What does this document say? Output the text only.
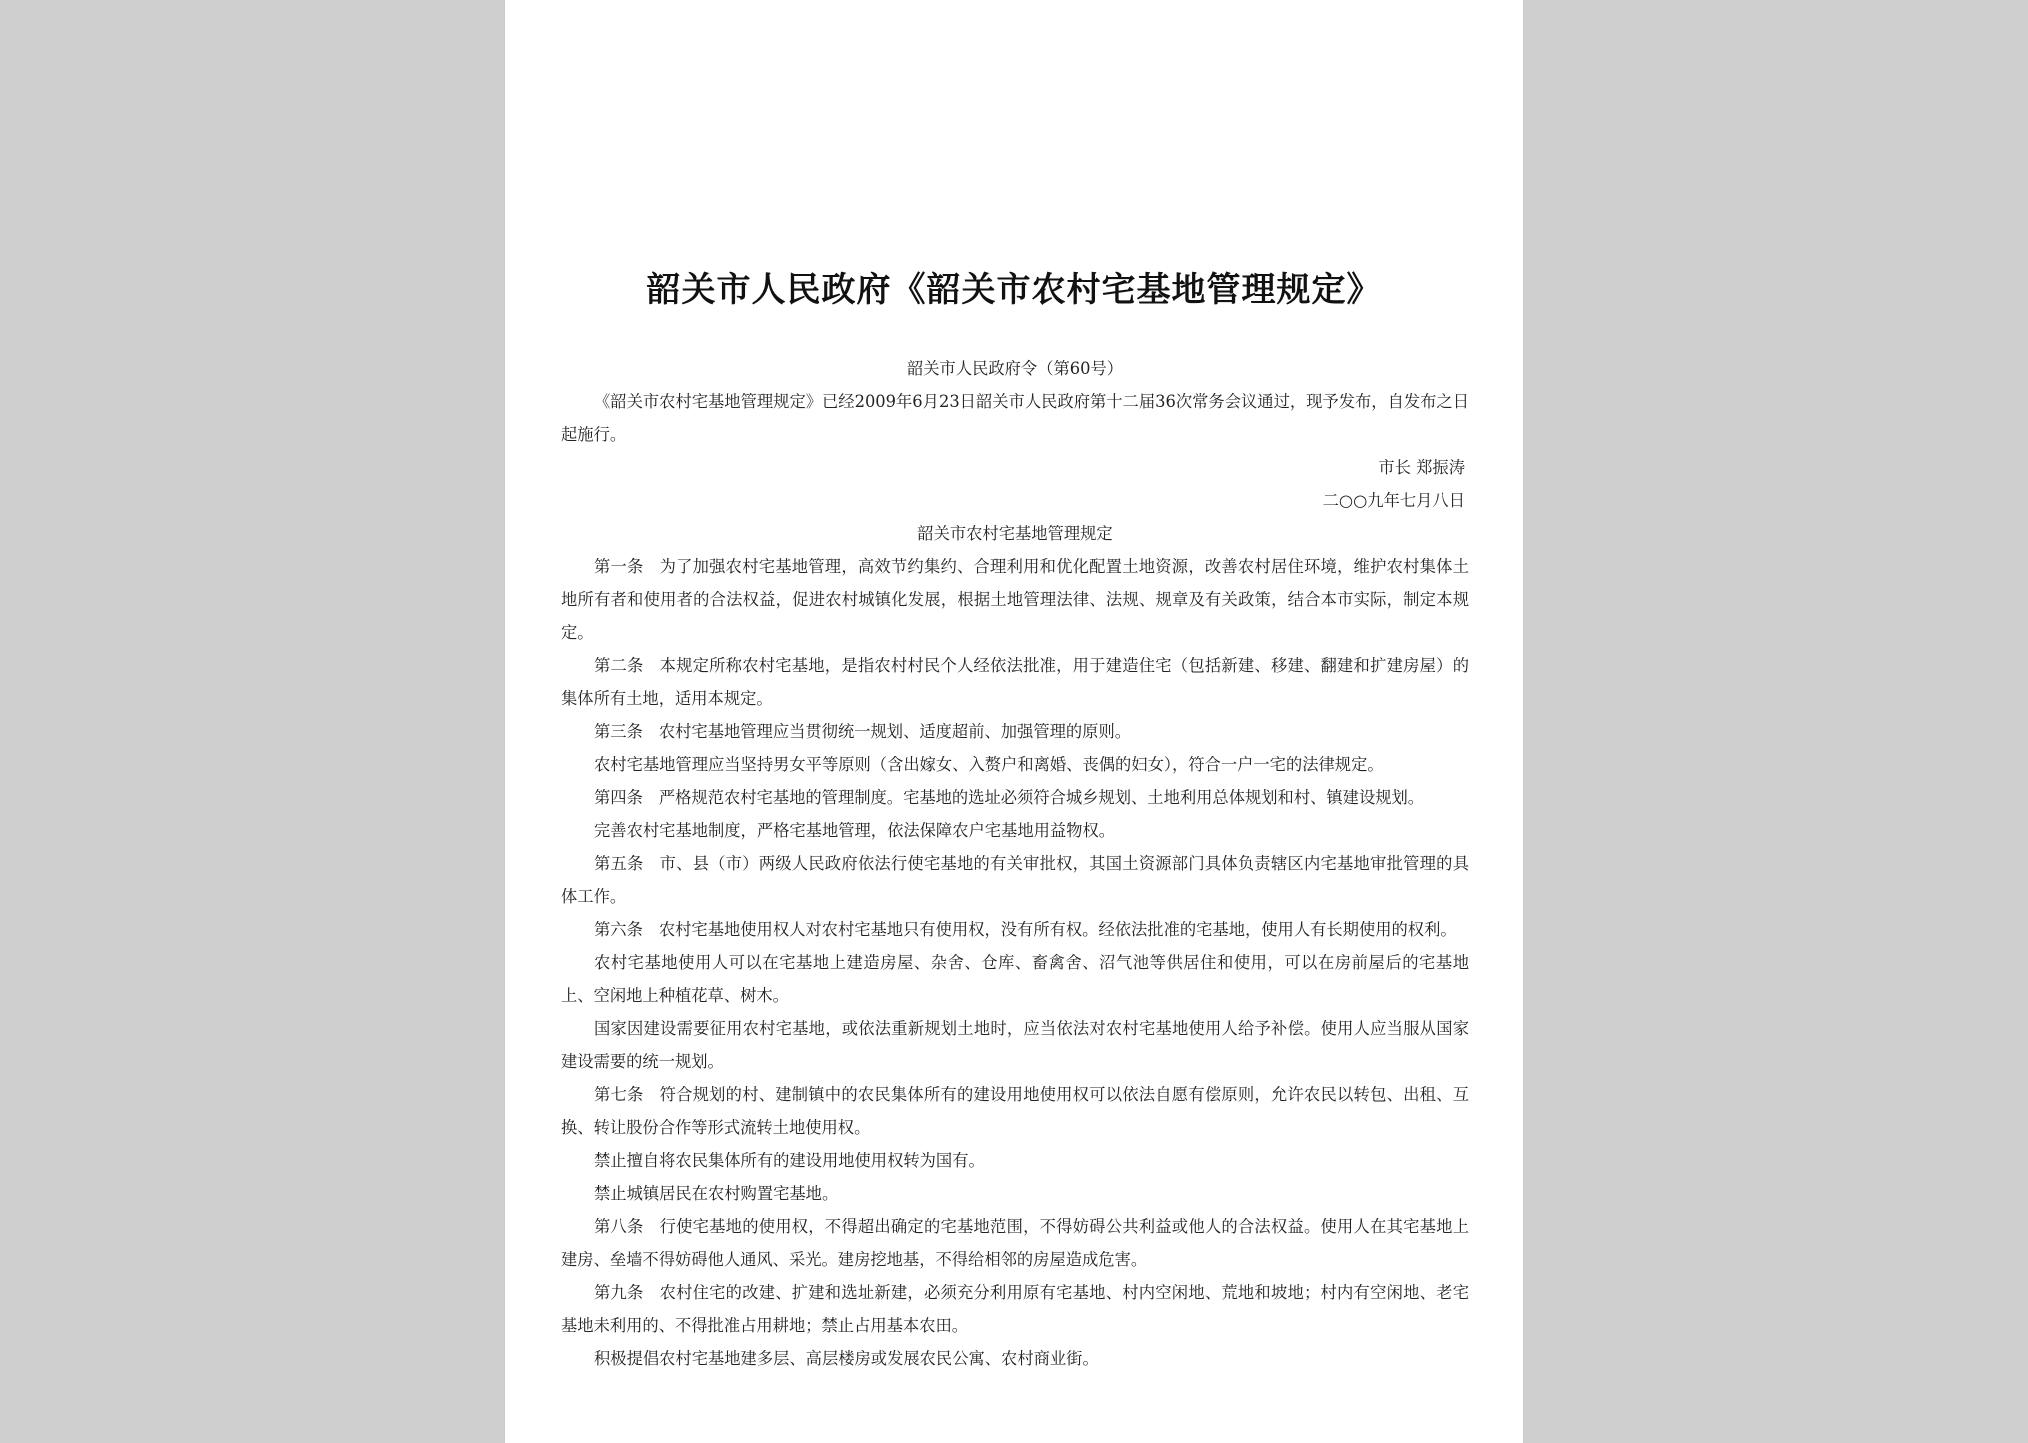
韶关市人民政府《韶关市农村宅基地管理规定》

韶关市人民政府令（第60号）

《韶关市农村宅基地管理规定》已经2009年6月23日韶关市人民政府第十二届36次常务会议通过，现予发布，自发布之日起施行。

市长 郑振涛

二○○九年七月八日

韶关市农村宅基地管理规定

第一条 为了加强农村宅基地管理，高效节约集约、合理利用和优化配置土地资源，改善农村居住环境，维护农村集体土地所有者和使用者的合法权益，促进农村城镇化发展，根据土地管理法律、法规、规章及有关政策，结合本市实际，制定本规定。

第二条 本规定所称农村宅基地，是指农村村民个人经依法批准，用于建造住宅（包括新建、移建、翻建和扩建房屋）的集体所有土地，适用本规定。

第三条 农村宅基地管理应当贯彻统一规划、适度超前、加强管理的原则。

农村宅基地管理应当坚持男女平等原则（含出嫁女、入赘户和离婚、丧偶的妇女），符合一户一宅的法律规定。

第四条 严格规范农村宅基地的管理制度。宅基地的选址必须符合城乡规划、土地利用总体规划和村、镇建设规划。

完善农村宅基地制度，严格宅基地管理，依法保障农户宅基地用益物权。

第五条 市、县（市）两级人民政府依法行使宅基地的有关审批权，其国土资源部门具体负责辖区内宅基地审批管理的具体工作。

第六条 农村宅基地使用权人对农村宅基地只有使用权，没有所有权。经依法批准的宅基地，使用人有长期使用的权利。

农村宅基地使用人可以在宅基地上建造房屋、杂舍、仓库、畜禽舍、沼气池等供居住和使用，可以在房前屋后的宅基地上、空闲地上种植花草、树木。

国家因建设需要征用农村宅基地，或依法重新规划土地时，应当依法对农村宅基地使用人给予补偿。使用人应当服从国家建设需要的统一规划。

第七条 符合规划的村、建制镇中的农民集体所有的建设用地使用权可以依法自愿有偿原则，允许农民以转包、出租、互换、转让股份合作等形式流转土地使用权。

禁止擅自将农民集体所有的建设用地使用权转为国有。

禁止城镇居民在农村购置宅基地。

第八条 行使宅基地的使用权，不得超出确定的宅基地范围，不得妨碍公共利益或他人的合法权益。使用人在其宅基地上建房、垒墙不得妨碍他人通风、采光。建房挖地基，不得给相邻的房屋造成危害。

第九条 农村住宅的改建、扩建和选址新建，必须充分利用原有宅基地、村内空闲地、荒地和坡地；村内有空闲地、老宅基地未利用的、不得批准占用耕地；禁止占用基本农田。

积极提倡农村宅基地建多层、高层楼房或发展农民公寓、农村商业街。
